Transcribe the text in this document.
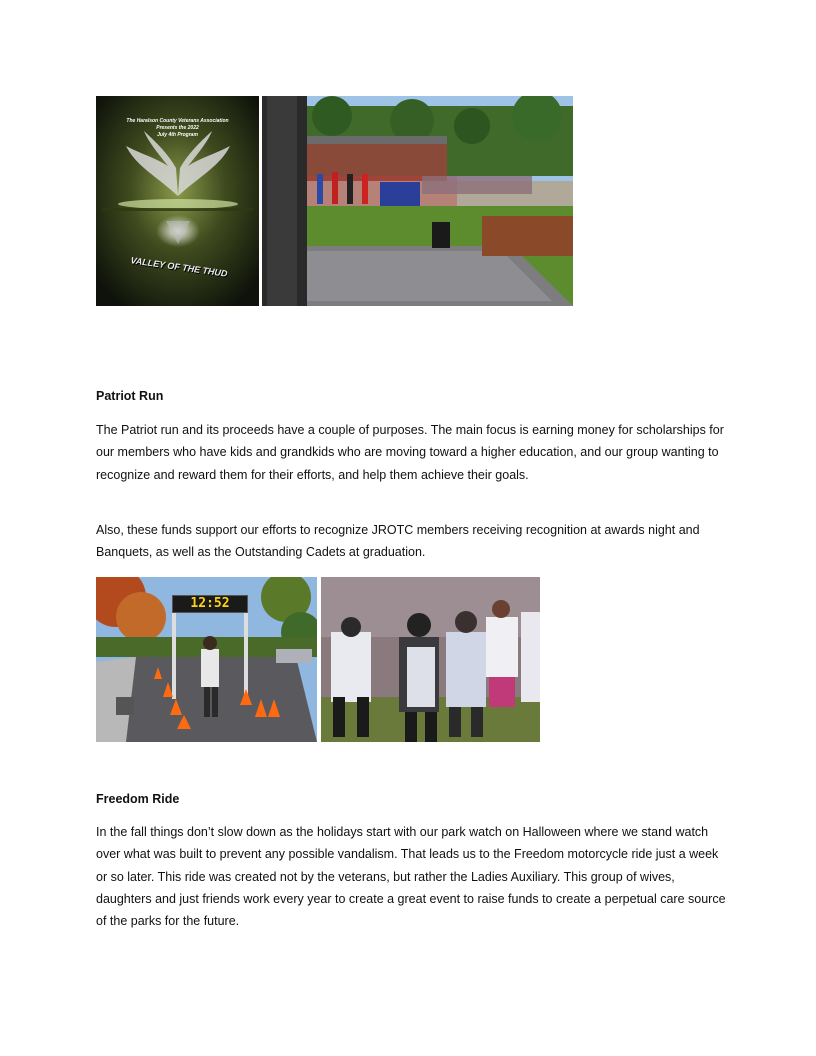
The Haralson County Veterans Association
Presents the 2022
July 4th Program
VALLEY OF THE THUD
Patriot Run

The Patriot run and its proceeds have a couple of purposes. The main focus is earning money for scholarships for our members who have kids and grandkids who are moving toward a higher education, and our group wanting to recognize and reward them for their efforts, and help them achieve their goals.

Also, these funds support our efforts to recognize JROTC members receiving recognition at awards night and Banquets, as well as the Outstanding Cadets at graduation.

12:52
Freedom Ride

In the fall things don’t slow down as the holidays start with our park watch on Halloween where we stand watch over what was built to prevent any possible vandalism. That leads us to the Freedom motorcycle ride just a week or so later. This ride was created not by the veterans, but rather the Ladies Auxiliary. This group of wives, daughters and just friends work every year to create a great event to raise funds to create a perpetual care source of the parks for the future.
